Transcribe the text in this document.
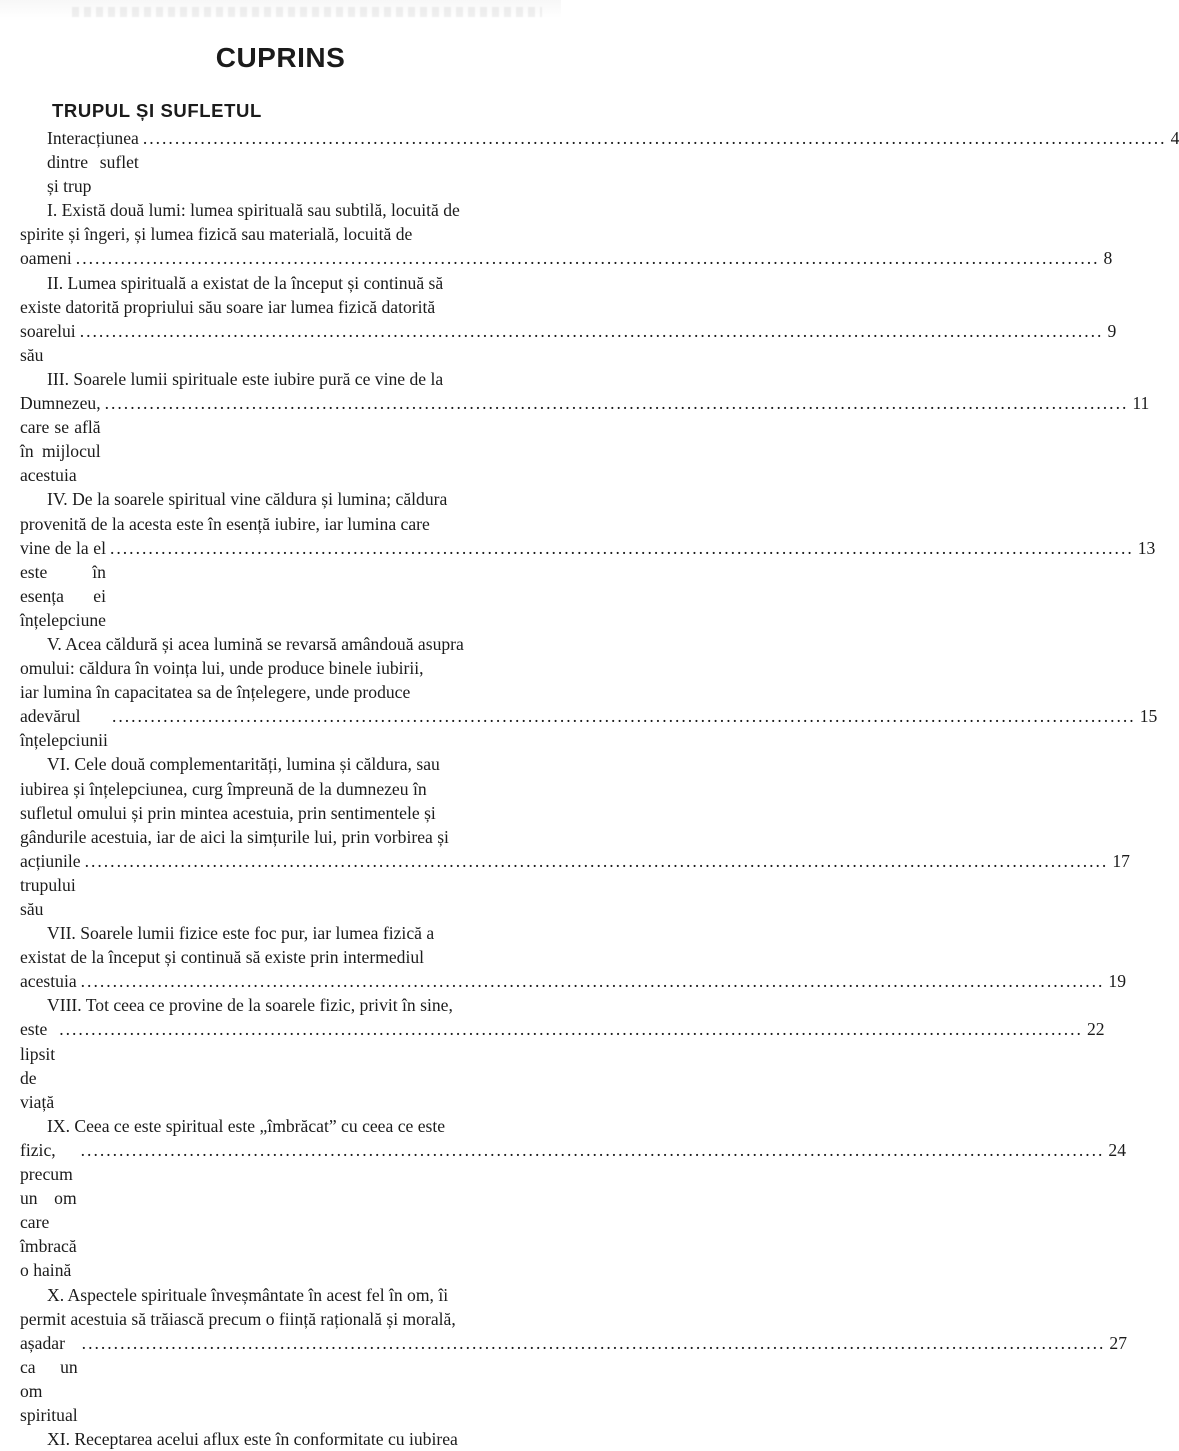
CUPRINS
TRUPUL ȘI SUFLETUL
Interacțiunea dintre suflet și trup
.....
4
I. Există două lumi: lumea spirituală sau subtilă, locuită de
spirite și îngeri, și lumea fizică sau materială, locuită de
oameni .....	8
II. Lumea spirituală a existat de la început și continuă să
existe datorită propriului său soare iar lumea fizică datorită
soarelui său
.....
9
III. Soarele lumii spirituale este iubire pură ce vine de la
Dumnezeu, care se află în mijlocul acestuia
.....
11
IV. De la soarele spiritual vine căldura și lumina; căldura
provenită de la acesta este în esență iubire, iar lumina care
vine de la el este în esența ei înțelepciune
.....
13
V. Acea căldură și acea lumină se revarsă amândouă asupra
omului: căldura în voința lui, unde produce binele iubirii,
iar lumina în capacitatea sa de înțelegere, unde produce
adevărul înțelepciunii
.....
15
VI. Cele două complementarități, lumina și căldura, sau
iubirea și înțelepciunea, curg împreună de la dumnezeu în
sufletul omului și prin mintea acestuia, prin sentimentele și
gândurile acestuia, iar de aici la simțurile lui, prin vorbirea și
acțiunile trupului său
.....
17
VII. Soarele lumii fizice este foc pur, iar lumea fizică a
existat de la început și continuă să existe prin intermediul
acestuia .....	19
VIII. Tot ceea ce provine de la soarele fizic, privit în sine,
este lipsit de viață
.....
22
IX. Ceea ce este spiritual este „îmbrăcat” cu ceea ce este
fizic, precum un om care îmbracă o haină
.....
24
X. Aspectele spirituale înveșmântate în acest fel în om, îi
permit acestuia să trăiască precum o ființă rațională și morală,
așadar ca un om spiritual
.....
27
XI. Receptarea acelui aflux este în conformitate cu iubirea
